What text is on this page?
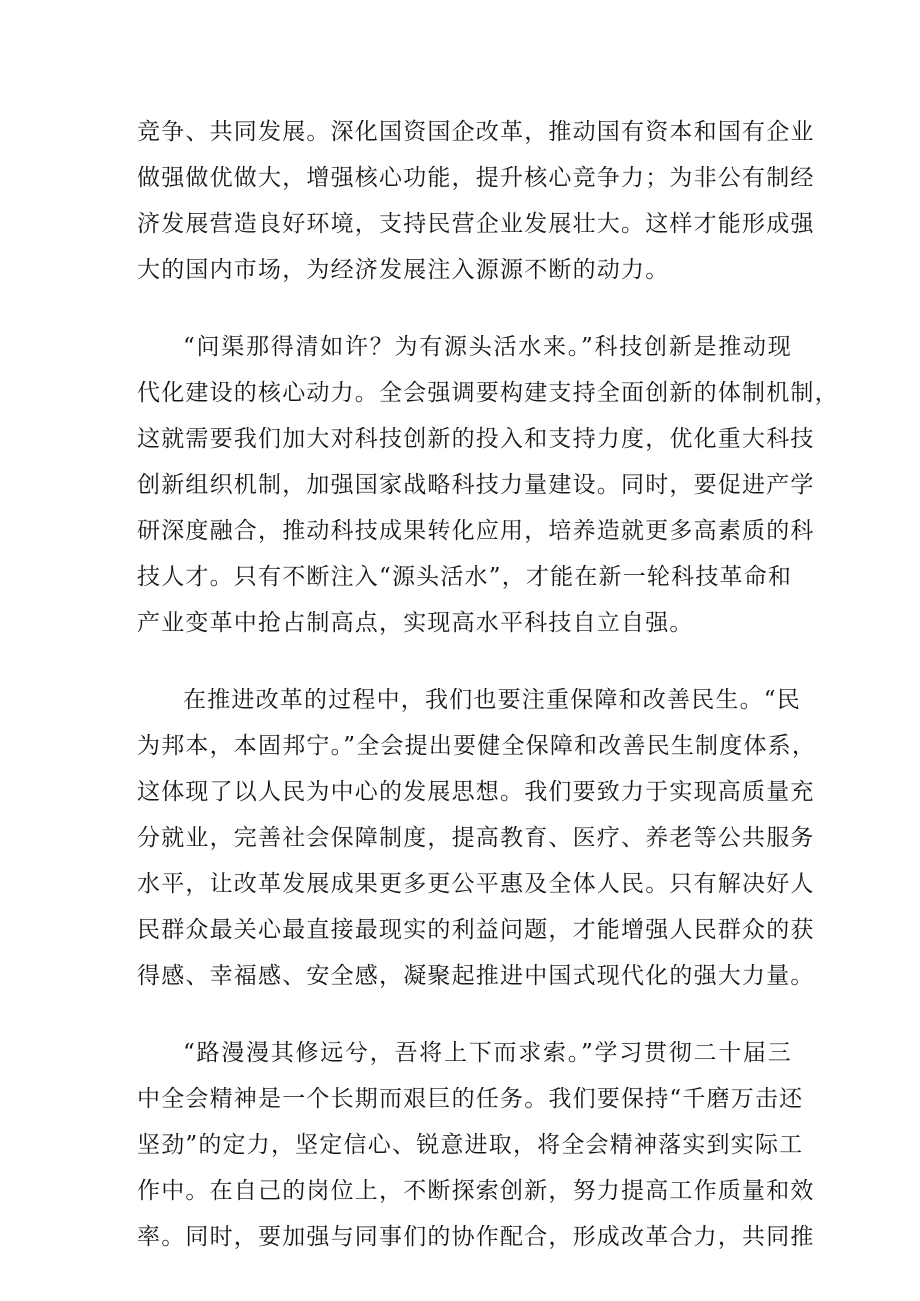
竞争、共同发展。深化国资国企改革，推动国有资本和国有企业
做强做优做大，增强核心功能，提升核心竞争力；为非公有制经
济发展营造良好环境，支持民营企业发展壮大。这样才能形成强
大的国内市场，为经济发展注入源源不断的动力。
“问渠那得清如许？为有源头活水来。”科技创新是推动现
代化建设的核心动力。全会强调要构建支持全面创新的体制机制，
这就需要我们加大对科技创新的投入和支持力度，优化重大科技
创新组织机制，加强国家战略科技力量建设。同时，要促进产学
研深度融合，推动科技成果转化应用，培养造就更多高素质的科
技人才。只有不断注入“源头活水”，才能在新一轮科技革命和
产业变革中抢占制高点，实现高水平科技自立自强。
在推进改革的过程中，我们也要注重保障和改善民生。“民
为邦本，本固邦宁。”全会提出要健全保障和改善民生制度体系，
这体现了以人民为中心的发展思想。我们要致力于实现高质量充
分就业，完善社会保障制度，提高教育、医疗、养老等公共服务
水平，让改革发展成果更多更公平惠及全体人民。只有解决好人
民群众最关心最直接最现实的利益问题，才能增强人民群众的获
得感、幸福感、安全感，凝聚起推进中国式现代化的强大力量。
“路漫漫其修远兮，吾将上下而求索。”学习贯彻二十届三
中全会精神是一个长期而艰巨的任务。我们要保持“千磨万击还
坚劲”的定力，坚定信心、锐意进取，将全会精神落实到实际工
作中。在自己的岗位上，不断探索创新，努力提高工作质量和效
率。同时，要加强与同事们的协作配合，形成改革合力，共同推
